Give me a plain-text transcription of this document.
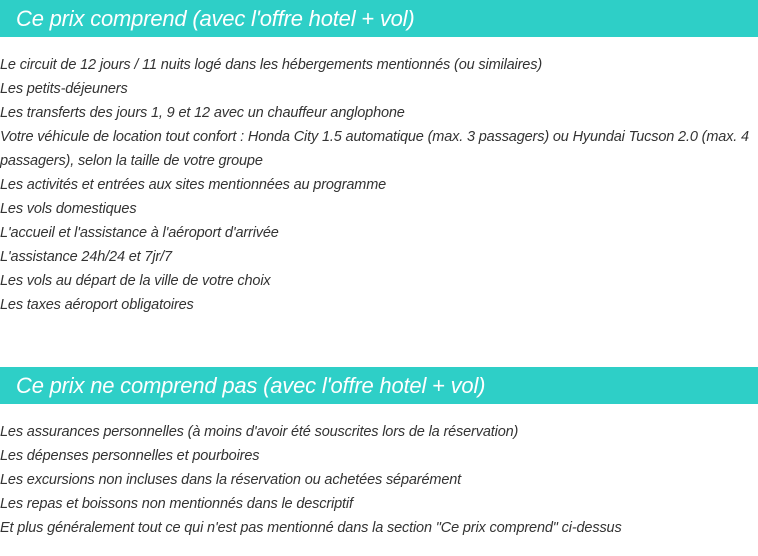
Ce prix comprend (avec l'offre hotel + vol)
Le circuit de 12 jours / 11 nuits logé dans les hébergements mentionnés (ou similaires)
Les petits-déjeuners
Les transferts des jours 1, 9 et 12 avec un chauffeur anglophone
Votre véhicule de location tout confort : Honda City 1.5 automatique (max. 3 passagers) ou Hyundai Tucson 2.0 (max. 4 passagers), selon la taille de votre groupe
Les activités et entrées aux sites mentionnées au programme
Les vols domestiques
L'accueil et l'assistance à l'aéroport d'arrivée
L'assistance 24h/24 et 7jr/7
Les vols au départ de la ville de votre choix
Les taxes aéroport obligatoires
Ce prix ne comprend pas (avec l'offre hotel + vol)
Les assurances personnelles (à moins d'avoir été souscrites lors de la réservation)
Les dépenses personnelles et pourboires
Les excursions non incluses dans la réservation ou achetées séparément
Les repas et boissons non mentionnés dans le descriptif
Et plus généralement tout ce qui n'est pas mentionné dans la section "Ce prix comprend" ci-dessus
